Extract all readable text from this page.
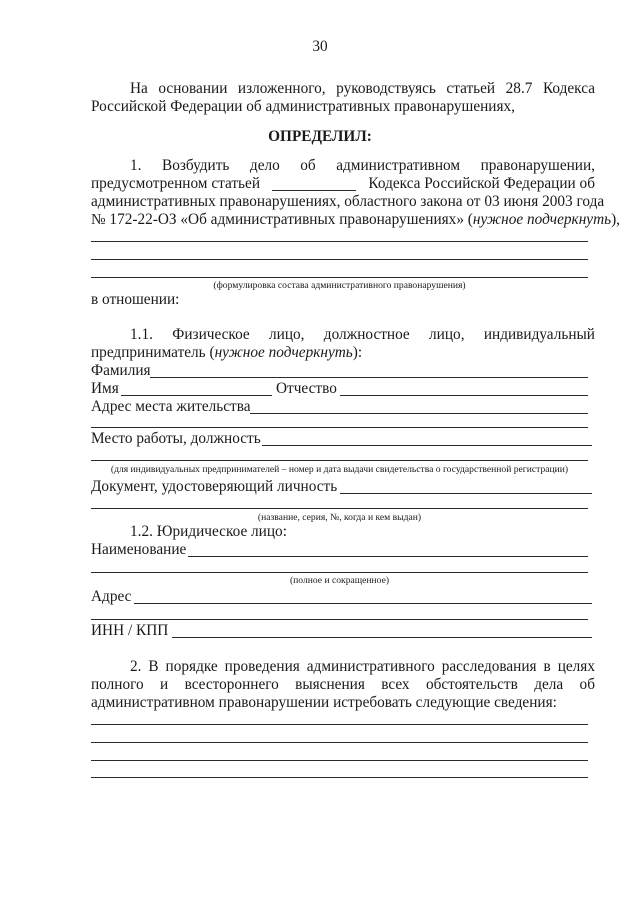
30
На основании изложенного, руководствуясь статьей 28.7 Кодекса
Российской Федерации об административных правонарушениях,
ОПРЕДЕЛИЛ:
1. Возбудить дело об административном правонарушении,
предусмотренном статьей	Кодекса Российской Федерации об
административных правонарушениях, областного закона от 03 июня 2003 года
№ 172-22-ОЗ «Об административных правонарушениях» (нужное подчеркнуть),
(формулировка состава административного правонарушения)
в отношении:
1.1. Физическое лицо, должностное лицо, индивидуальный
предприниматель (нужное подчеркнуть):
Фамилия
Имя	Отчество
Адрес места жительства
Место работы, должность
(для индивидуальных предпринимателей – номер и дата выдачи свидетельства о государственной регистрации)
Документ, удостоверяющий личность
(название, серия, №, когда и кем выдан)
1.2. Юридическое лицо:
Наименование
(полное и сокращенное)
Адрес
ИНН / КПП
2. В порядке проведения административного расследования в целях
полного и всестороннего выяснения всех обстоятельств дела об
административном правонарушении истребовать следующие сведения:
